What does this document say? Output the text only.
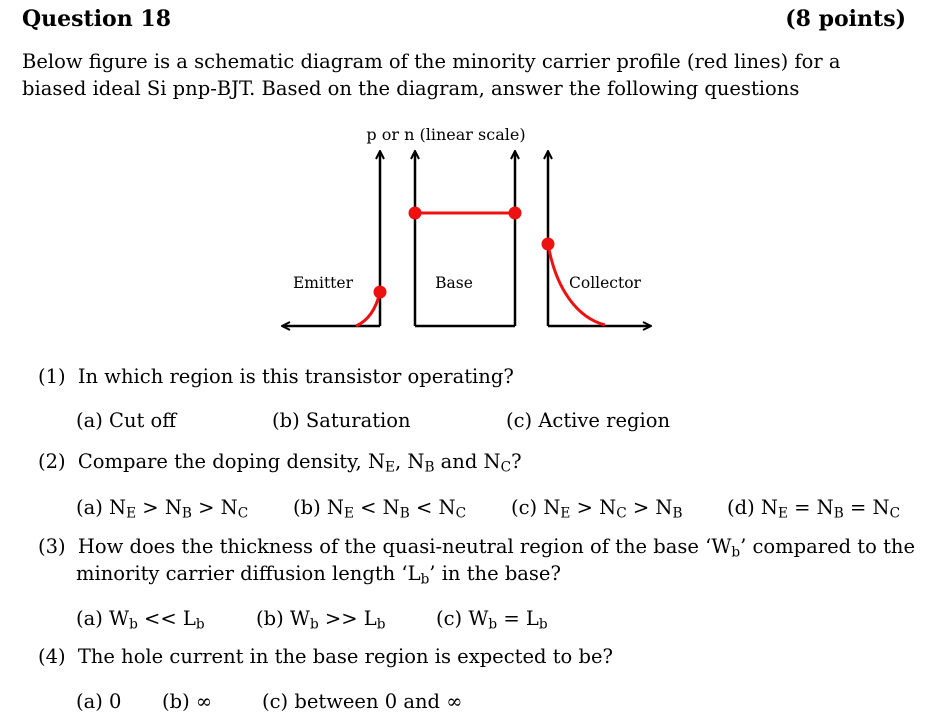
Question 18	(8 points)
Below figure is a schematic diagram of the minority carrier profile (red lines) for a biased ideal Si pnp-BJT. Based on the diagram, answer the following questions
p or n (linear scale)
Emitter	Base	Collector
(1) In which region is this transistor operating?
(a) Cut off	(b) Saturation	(c) Active region
(2) Compare the doping density, $N_E$, $N_B$ and $N_C$?
(a) $N_E > N_B > N_C$ (b) $N_E < N_B < N_C$ (c) $N_E > N_C > N_B$ (d) $N_E = N_B = N_C$
(3) How does the thickness of the quasi-neutral region of the base ‘$W_b$’ compared to the
minority carrier diffusion length ‘$L_b$’ in the base?
(a) $W_b << L_b$	(b) $W_b >> L_b$	(c) $W_b = L_b$
(4) The hole current in the base region is expected to be?
(a) 0 (b) ∞	(c) between 0 and ∞
